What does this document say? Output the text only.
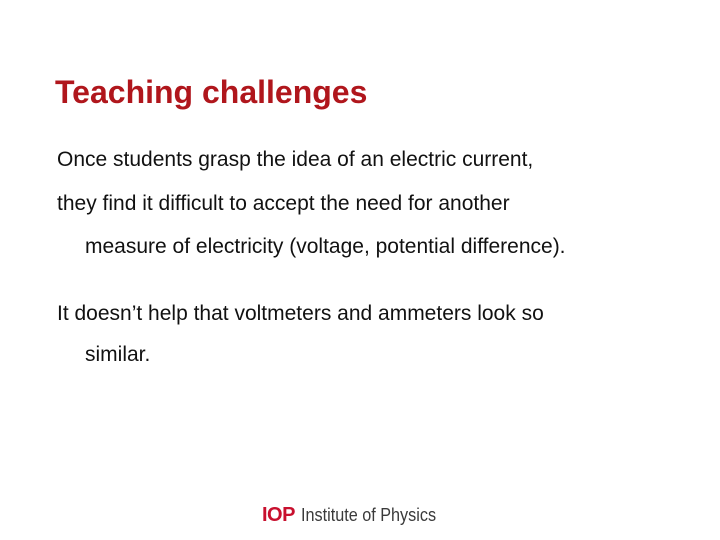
Teaching challenges

Once students grasp the idea of an electric current,

they find it difficult to accept the need for another

measure of electricity (voltage, potential difference).

It doesn’t help that voltmeters and ammeters look so

similar.

IOP Institute of Physics
